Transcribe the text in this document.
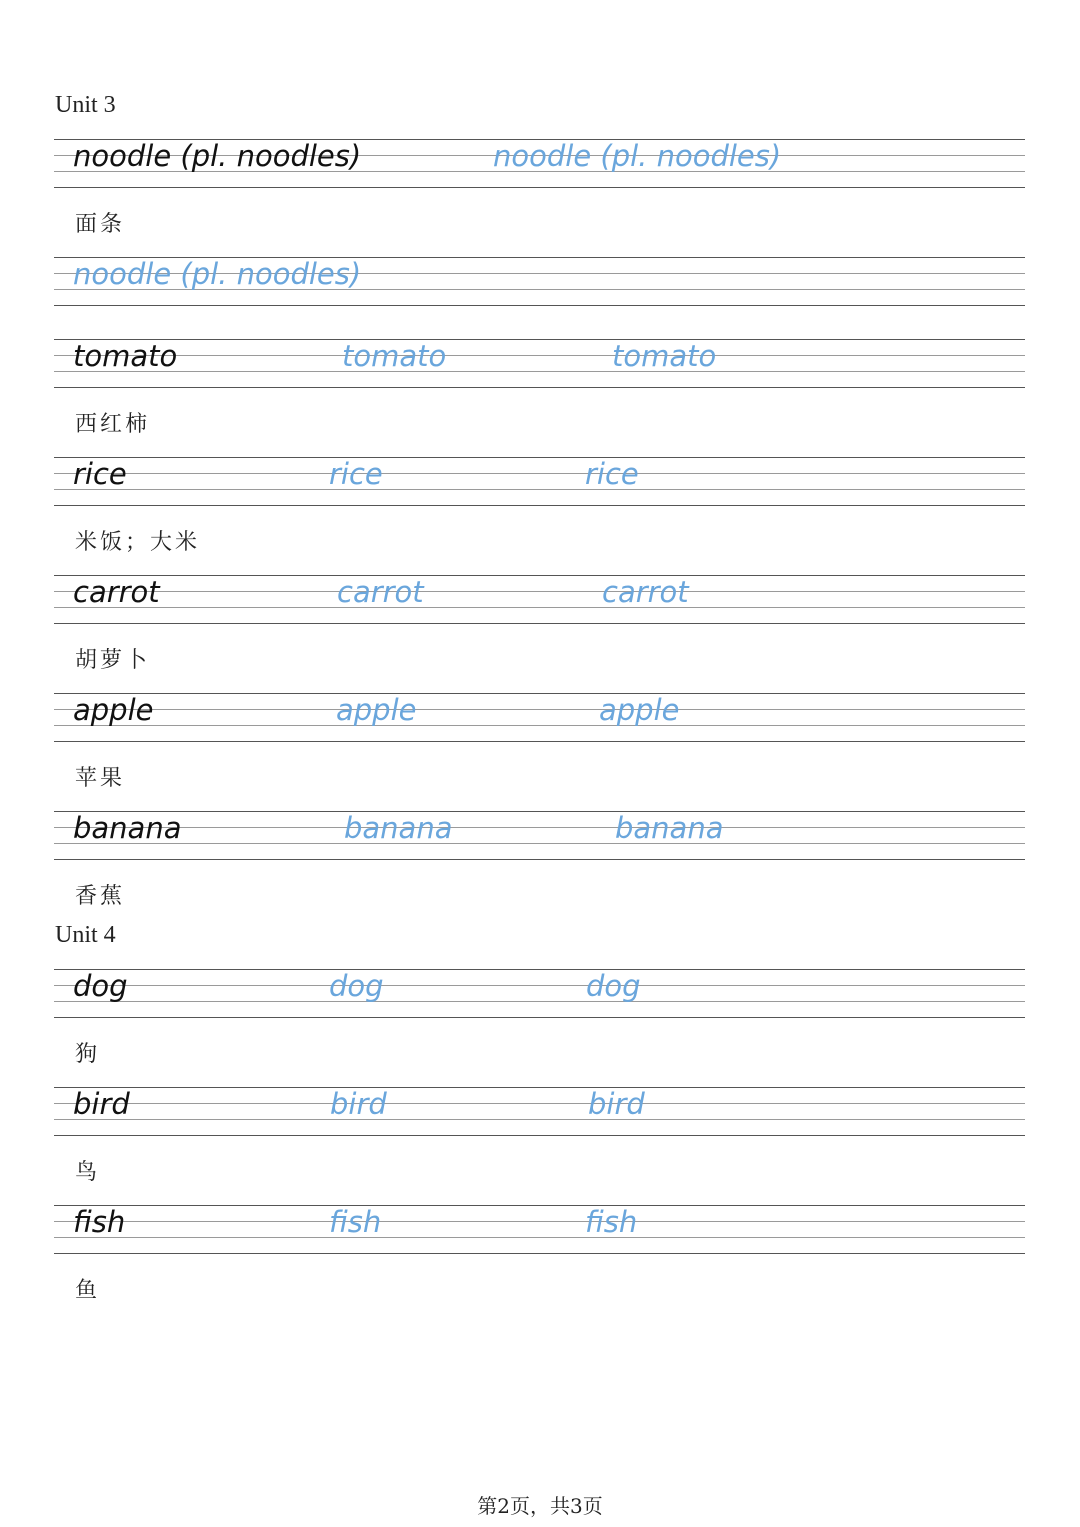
Unit 3
noodle (pl. noodles)	noodle (pl. noodles)
面条
noodle (pl. noodles)
tomato	tomato	tomato
西红柿
rice	rice	rice
米饭；大米
carrot	carrot	carrot
胡萝卜
apple	apple	apple
苹果
banana	banana	banana
香蕉
Unit 4
dog	dog	dog
狗
bird	bird	bird
鸟
fish	fish	fish
鱼
第2页，共3页
